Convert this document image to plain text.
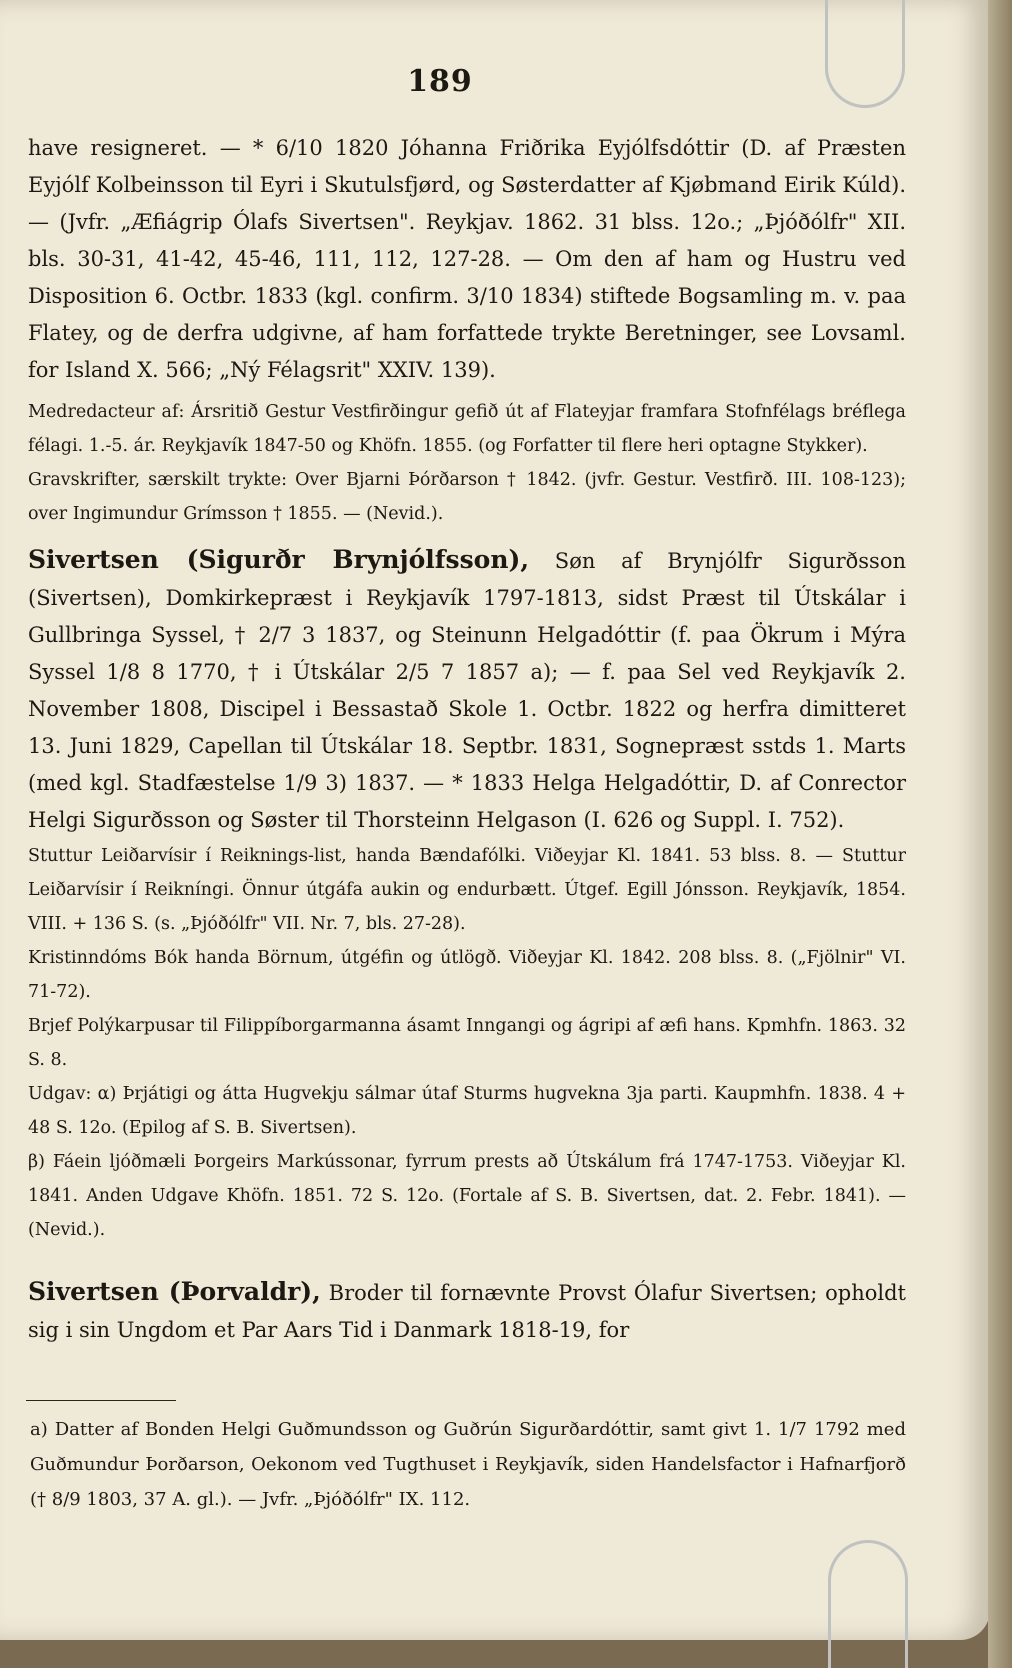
189

have resigneret. — * 6/10 1820 Jóhanna Friðrika Eyjólfsdóttir (D. af Præsten Eyjólf Kolbeinsson til Eyri i Skutulsfjørd, og Søsterdatter af Kjøbmand Eirik Kúld). — (Jvfr. „Æfiágrip Ólafs Sivertsen". Reykjav. 1862. 31 blss. 12o.; „Þjóðólfr" XII. bls. 30-31, 41-42, 45-46, 111, 112, 127-28. — Om den af ham og Hustru ved Disposition 6. Octbr. 1833 (kgl. confirm. 3/10 1834) stiftede Bogsamling m. v. paa Flatey, og de derfra udgivne, af ham forfattede trykte Beretninger, see Lovsaml. for Island X. 566; „Ný Félagsrit" XXIV. 139).

Medredacteur af: Ársritið Gestur Vestfirðingur gefið út af Flateyjar framfara Stofnfélags bréflega félagi. 1.-5. ár. Reykjavík 1847-50 og Khöfn. 1855. (og Forfatter til flere heri optagne Stykker).

Gravskrifter, særskilt trykte: Over Bjarni Þórðarson † 1842. (jvfr. Gestur. Vestfirð. III. 108-123); over Ingimundur Grímsson † 1855. — (Nevid.).

Sivertsen (Sigurðr Brynjólfsson), Søn af Brynjólfr Sigurðsson (Sivertsen), Domkirkepræst i Reykjavík 1797-1813, sidst Præst til Útskálar i Gullbringa Syssel, † 2/7 3 1837, og Steinunn Helgadóttir (f. paa Ökrum i Mýra Syssel 1/8 8 1770, † i Útskálar 2/5 7 1857 a); — f. paa Sel ved Reykjavík 2. November 1808, Discipel i Bessastað Skole 1. Octbr. 1822 og herfra dimitteret 13. Juni 1829, Capellan til Útskálar 18. Septbr. 1831, Sognepræst sstds 1. Marts (med kgl. Stadfæstelse 1/9 3) 1837. — * 1833 Helga Helgadóttir, D. af Conrector Helgi Sigurðsson og Søster til Thorsteinn Helgason (I. 626 og Suppl. I. 752).

Stuttur Leiðarvísir í Reiknings-list, handa Bændafólki. Viðeyjar Kl. 1841. 53 blss. 8. — Stuttur Leiðarvísir í Reikníngi. Önnur útgáfa aukin og endurbætt. Útgef. Egill Jónsson. Reykjavík, 1854. VIII. + 136 S. (s. „Þjóðólfr" VII. Nr. 7, bls. 27-28).

Kristinndóms Bók handa Börnum, útgéfin og útlögð. Viðeyjar Kl. 1842. 208 blss. 8. („Fjölnir" VI. 71-72).

Brjef Polýkarpusar til Filippíborgarmanna ásamt Inngangi og ágripi af æfi hans. Kpmhfn. 1863. 32 S. 8.

Udgav: α) Þrjátigi og átta Hugvekju sálmar útaf Sturms hugvekna 3ja parti. Kaupmhfn. 1838. 4 + 48 S. 12o. (Epilog af S. B. Sivertsen).

β) Fáein ljóðmæli Þorgeirs Markússonar, fyrrum prests að Útskálum frá 1747-1753. Viðeyjar Kl. 1841. Anden Udgave Khöfn. 1851. 72 S. 12o. (Fortale af S. B. Sivertsen, dat. 2. Febr. 1841). — (Nevid.).

Sivertsen (Þorvaldr), Broder til fornævnte Provst Ólafur Sivertsen; opholdt sig i sin Ungdom et Par Aars Tid i Danmark 1818-19, for

a) Datter af Bonden Helgi Guðmundsson og Guðrún Sigurðardóttir, samt givt 1. 1/7 1792 med Guðmundur Þorðarson, Oekonom ved Tugthuset i Reykjavík, siden Handelsfactor i Hafnarfjorð († 8/9 1803, 37 A. gl.). — Jvfr. „Þjóðólfr" IX. 112.
